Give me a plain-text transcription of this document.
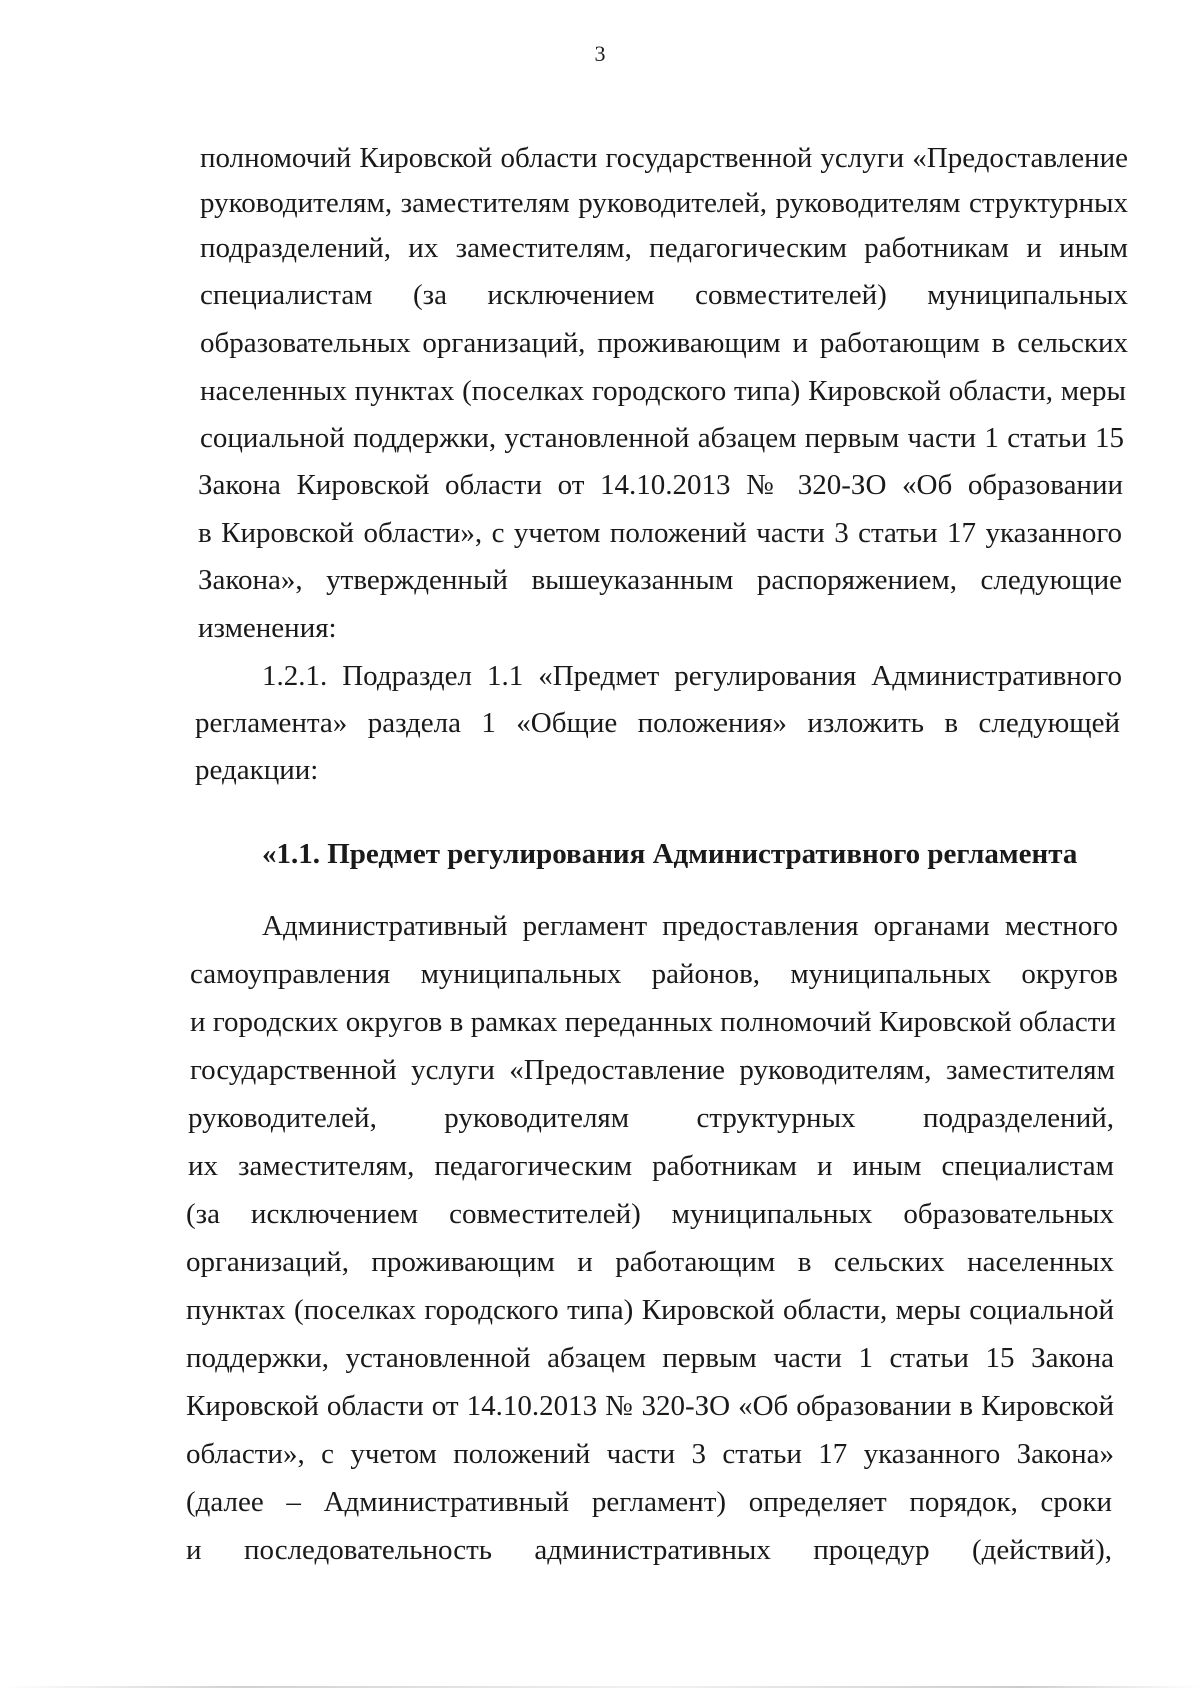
3
полномочий Кировской области государственной услуги «Предоставление
руководителям, заместителям руководителей, руководителям структурных
подразделений, их заместителям, педагогическим работникам и иным
специалистам (за исключением совместителей) муниципальных
образовательных организаций, проживающим и работающим в сельских
населенных пунктах (поселках городского типа) Кировской области, меры
социальной поддержки, установленной абзацем первым части 1 статьи 15
Закона Кировской области от 14.10.2013 № 320-ЗО «Об образовании
в Кировской области», с учетом положений части 3 статьи 17 указанного
Закона», утвержденный вышеуказанным распоряжением, следующие
изменения:
1.2.1. Подраздел 1.1 «Предмет регулирования Административного
регламента» раздела 1 «Общие положения» изложить в следующей
редакции:
«1.1. Предмет регулирования Административного регламента
Административный регламент предоставления органами местного
самоуправления муниципальных районов, муниципальных округов
и городских округов в рамках переданных полномочий Кировской области
государственной услуги «Предоставление руководителям, заместителям
руководителей, руководителям структурных подразделений,
их заместителям, педагогическим работникам и иным специалистам
(за исключением совместителей) муниципальных образовательных
организаций, проживающим и работающим в сельских населенных
пунктах (поселках городского типа) Кировской области, меры социальной
поддержки, установленной абзацем первым части 1 статьи 15 Закона
Кировской области от 14.10.2013 № 320-ЗО «Об образовании в Кировской
области», с учетом положений части 3 статьи 17 указанного Закона»
(далее – Административный регламент) определяет порядок, сроки
и последовательность административных процедур (действий),
